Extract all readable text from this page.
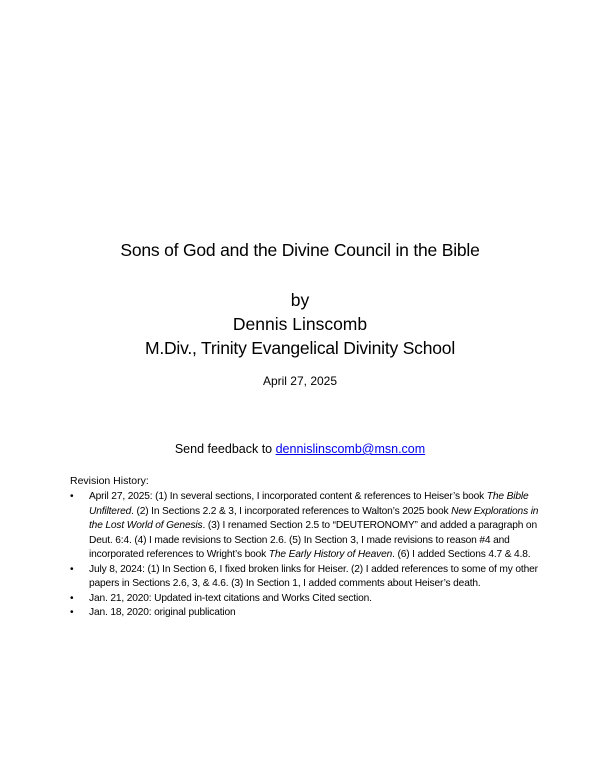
Sons of God and the Divine Council in the Bible
by
Dennis Linscomb
M.Div., Trinity Evangelical Divinity School
April 27, 2025
Send feedback to dennislinscomb@msn.com
Revision History:
• April 27, 2025: (1) In several sections, I incorporated content & references to Heiser’s book The Bible Unfiltered. (2) In Sections 2.2 & 3, I incorporated references to Walton’s 2025 book New Explorations in the Lost World of Genesis. (3) I renamed Section 2.5 to “DEUTERONOMY” and added a paragraph on Deut. 6:4. (4) I made revisions to Section 2.6. (5) In Section 3, I made revisions to reason #4 and incorporated references to Wright’s book The Early History of Heaven. (6) I added Sections 4.7 & 4.8.
• July 8, 2024: (1) In Section 6, I fixed broken links for Heiser. (2) I added references to some of my other papers in Sections 2.6, 3, & 4.6. (3) In Section 1, I added comments about Heiser’s death.
• Jan. 21, 2020: Updated in-text citations and Works Cited section.
• Jan. 18, 2020: original publication
